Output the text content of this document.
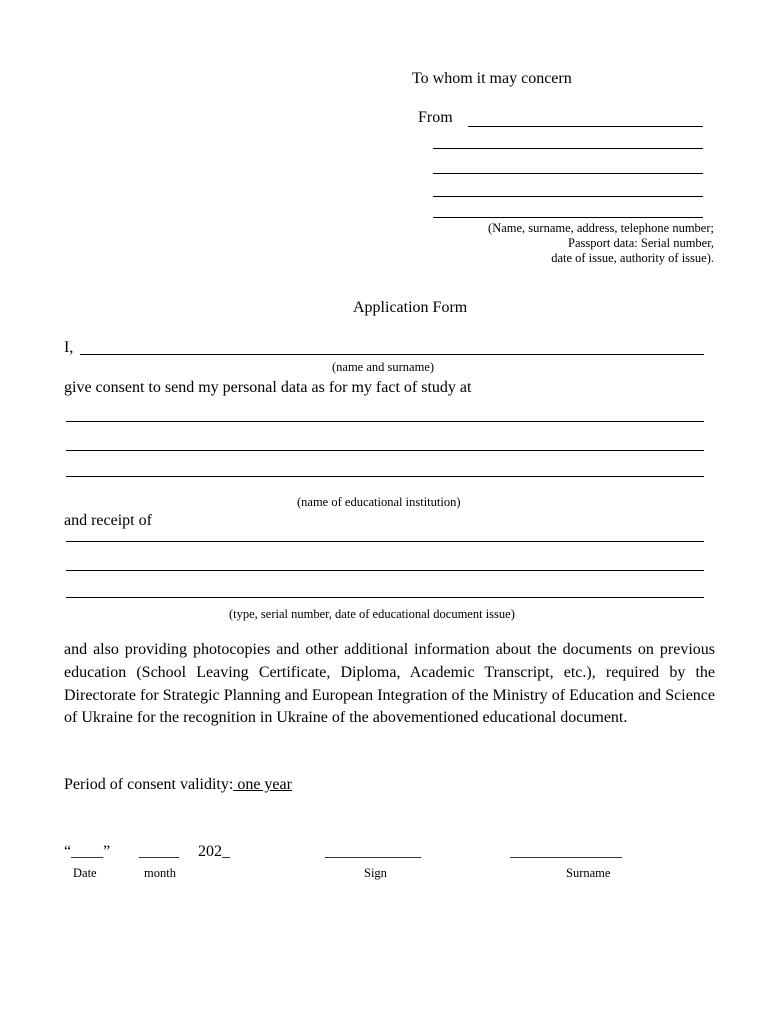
To whom it may concern
From
(Name, surname, address, telephone number;
Passport data: Serial number,
date of issue, authority of issue).
Application Form
I,
(name and surname)
give consent to send my personal data as for my fact of study at
(name of educational institution)
and receipt of
(type, serial number, date of educational document issue)
and also providing photocopies and other additional information about the documents on previous education (School Leaving Certificate, Diploma, Academic Transcript, etc.), required by the Directorate for Strategic Planning and European Integration of the Ministry of Education and Science of Ukraine for the recognition in Ukraine of the abovementioned educational document.
Period of consent validity: one year
“____” _____ 202_	____________	______________
Date	month	Sign	Surname
